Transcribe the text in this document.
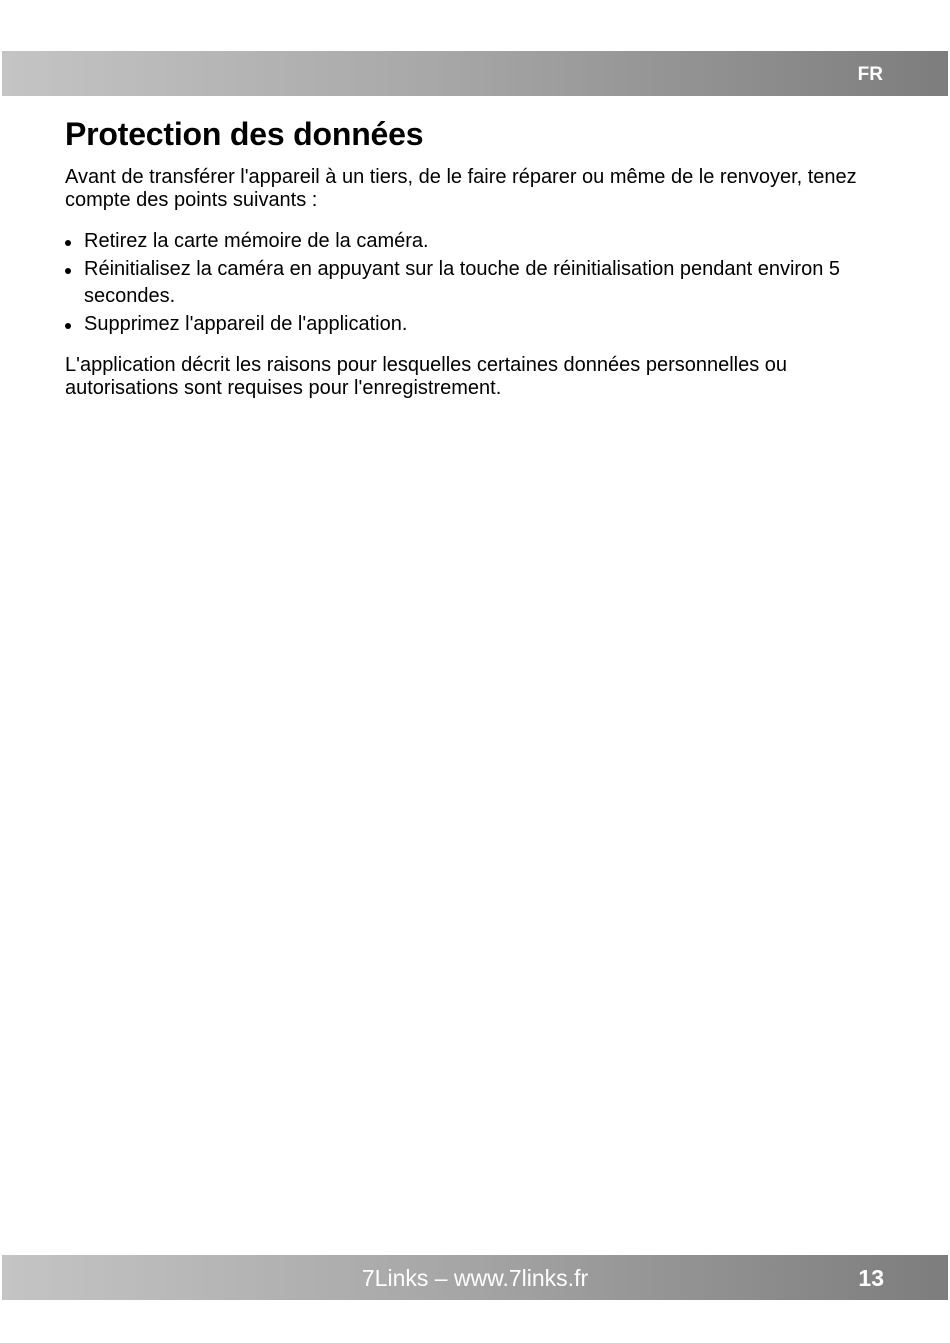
FR
Protection des données

Avant de transférer l'appareil à un tiers, de le faire réparer ou même de le renvoyer, tenez compte des points suivants :

Retirez la carte mémoire de la caméra.
Réinitialisez la caméra en appuyant sur la touche de réinitialisation pendant environ 5 secondes.
Supprimez l'appareil de l'application.

L'application décrit les raisons pour lesquelles certaines données personnelles ou autorisations sont requises pour l'enregistrement.

7Links – www.7links.fr	13
